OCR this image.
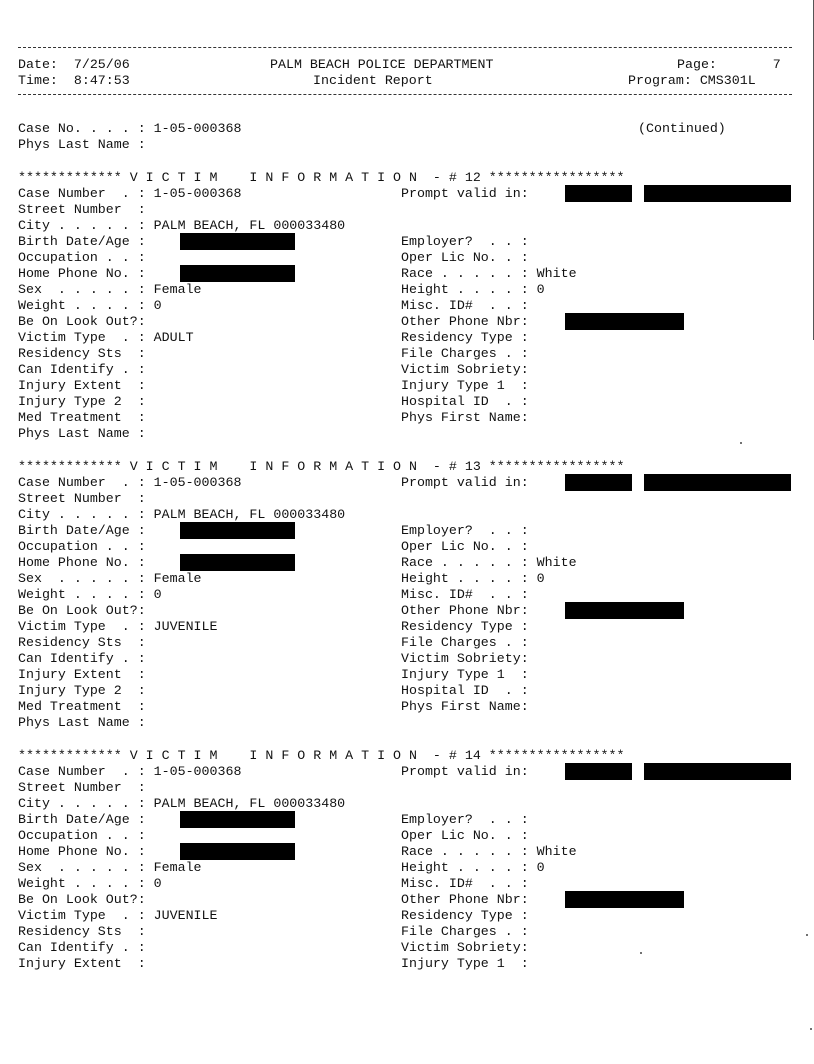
Date:  7/25/06
Time:  8:47:53
PALM BEACH POLICE DEPARTMENT
Incident Report
Page:       7
Program: CMS301L
Case No. . . . : 1-05-000368
Phys Last Name :
(Continued)
************* V I C T I M    I N F O R M A T I O N  - # 12 *****************
Case Number  . : 1-05-000368	Prompt valid in:
Street Number  :
City . . . . . : PALM BEACH, FL 000033480
Birth Date/Age :	Employer?  . . :
Occupation . . :	Oper Lic No. . :
Home Phone No. :	Race . . . . . : White
Sex  . . . . . : Female	Height . . . . : 0
Weight . . . . : 0	Misc. ID#  . . :
Be On Look Out?:	Other Phone Nbr:
Victim Type  . : ADULT	Residency Type :
Residency Sts  :	File Charges . :
Can Identify . :	Victim Sobriety:
Injury Extent  :	Injury Type 1  :
Injury Type 2  :	Hospital ID  . :
Med Treatment  :	Phys First Name:
Phys Last Name :
************* V I C T I M    I N F O R M A T I O N  - # 13 *****************
Case Number  . : 1-05-000368	Prompt valid in:
Street Number  :
City . . . . . : PALM BEACH, FL 000033480
Birth Date/Age :	Employer?  . . :
Occupation . . :	Oper Lic No. . :
Home Phone No. :	Race . . . . . : White
Sex  . . . . . : Female	Height . . . . : 0
Weight . . . . : 0	Misc. ID#  . . :
Be On Look Out?:	Other Phone Nbr:
Victim Type  . : JUVENILE	Residency Type :
Residency Sts  :	File Charges . :
Can Identify . :	Victim Sobriety:
Injury Extent  :	Injury Type 1  :
Injury Type 2  :	Hospital ID  . :
Med Treatment  :	Phys First Name:
Phys Last Name :
************* V I C T I M    I N F O R M A T I O N  - # 14 *****************
Case Number  . : 1-05-000368	Prompt valid in:
Street Number  :
City . . . . . : PALM BEACH, FL 000033480
Birth Date/Age :	Employer?  . . :
Occupation . . :	Oper Lic No. . :
Home Phone No. :	Race . . . . . : White
Sex  . . . . . : Female	Height . . . . : 0
Weight . . . . : 0	Misc. ID#  . . :
Be On Look Out?:	Other Phone Nbr:
Victim Type  . : JUVENILE	Residency Type :
Residency Sts  :	File Charges . :
Can Identify . :	Victim Sobriety:
Injury Extent  :	Injury Type 1  :
